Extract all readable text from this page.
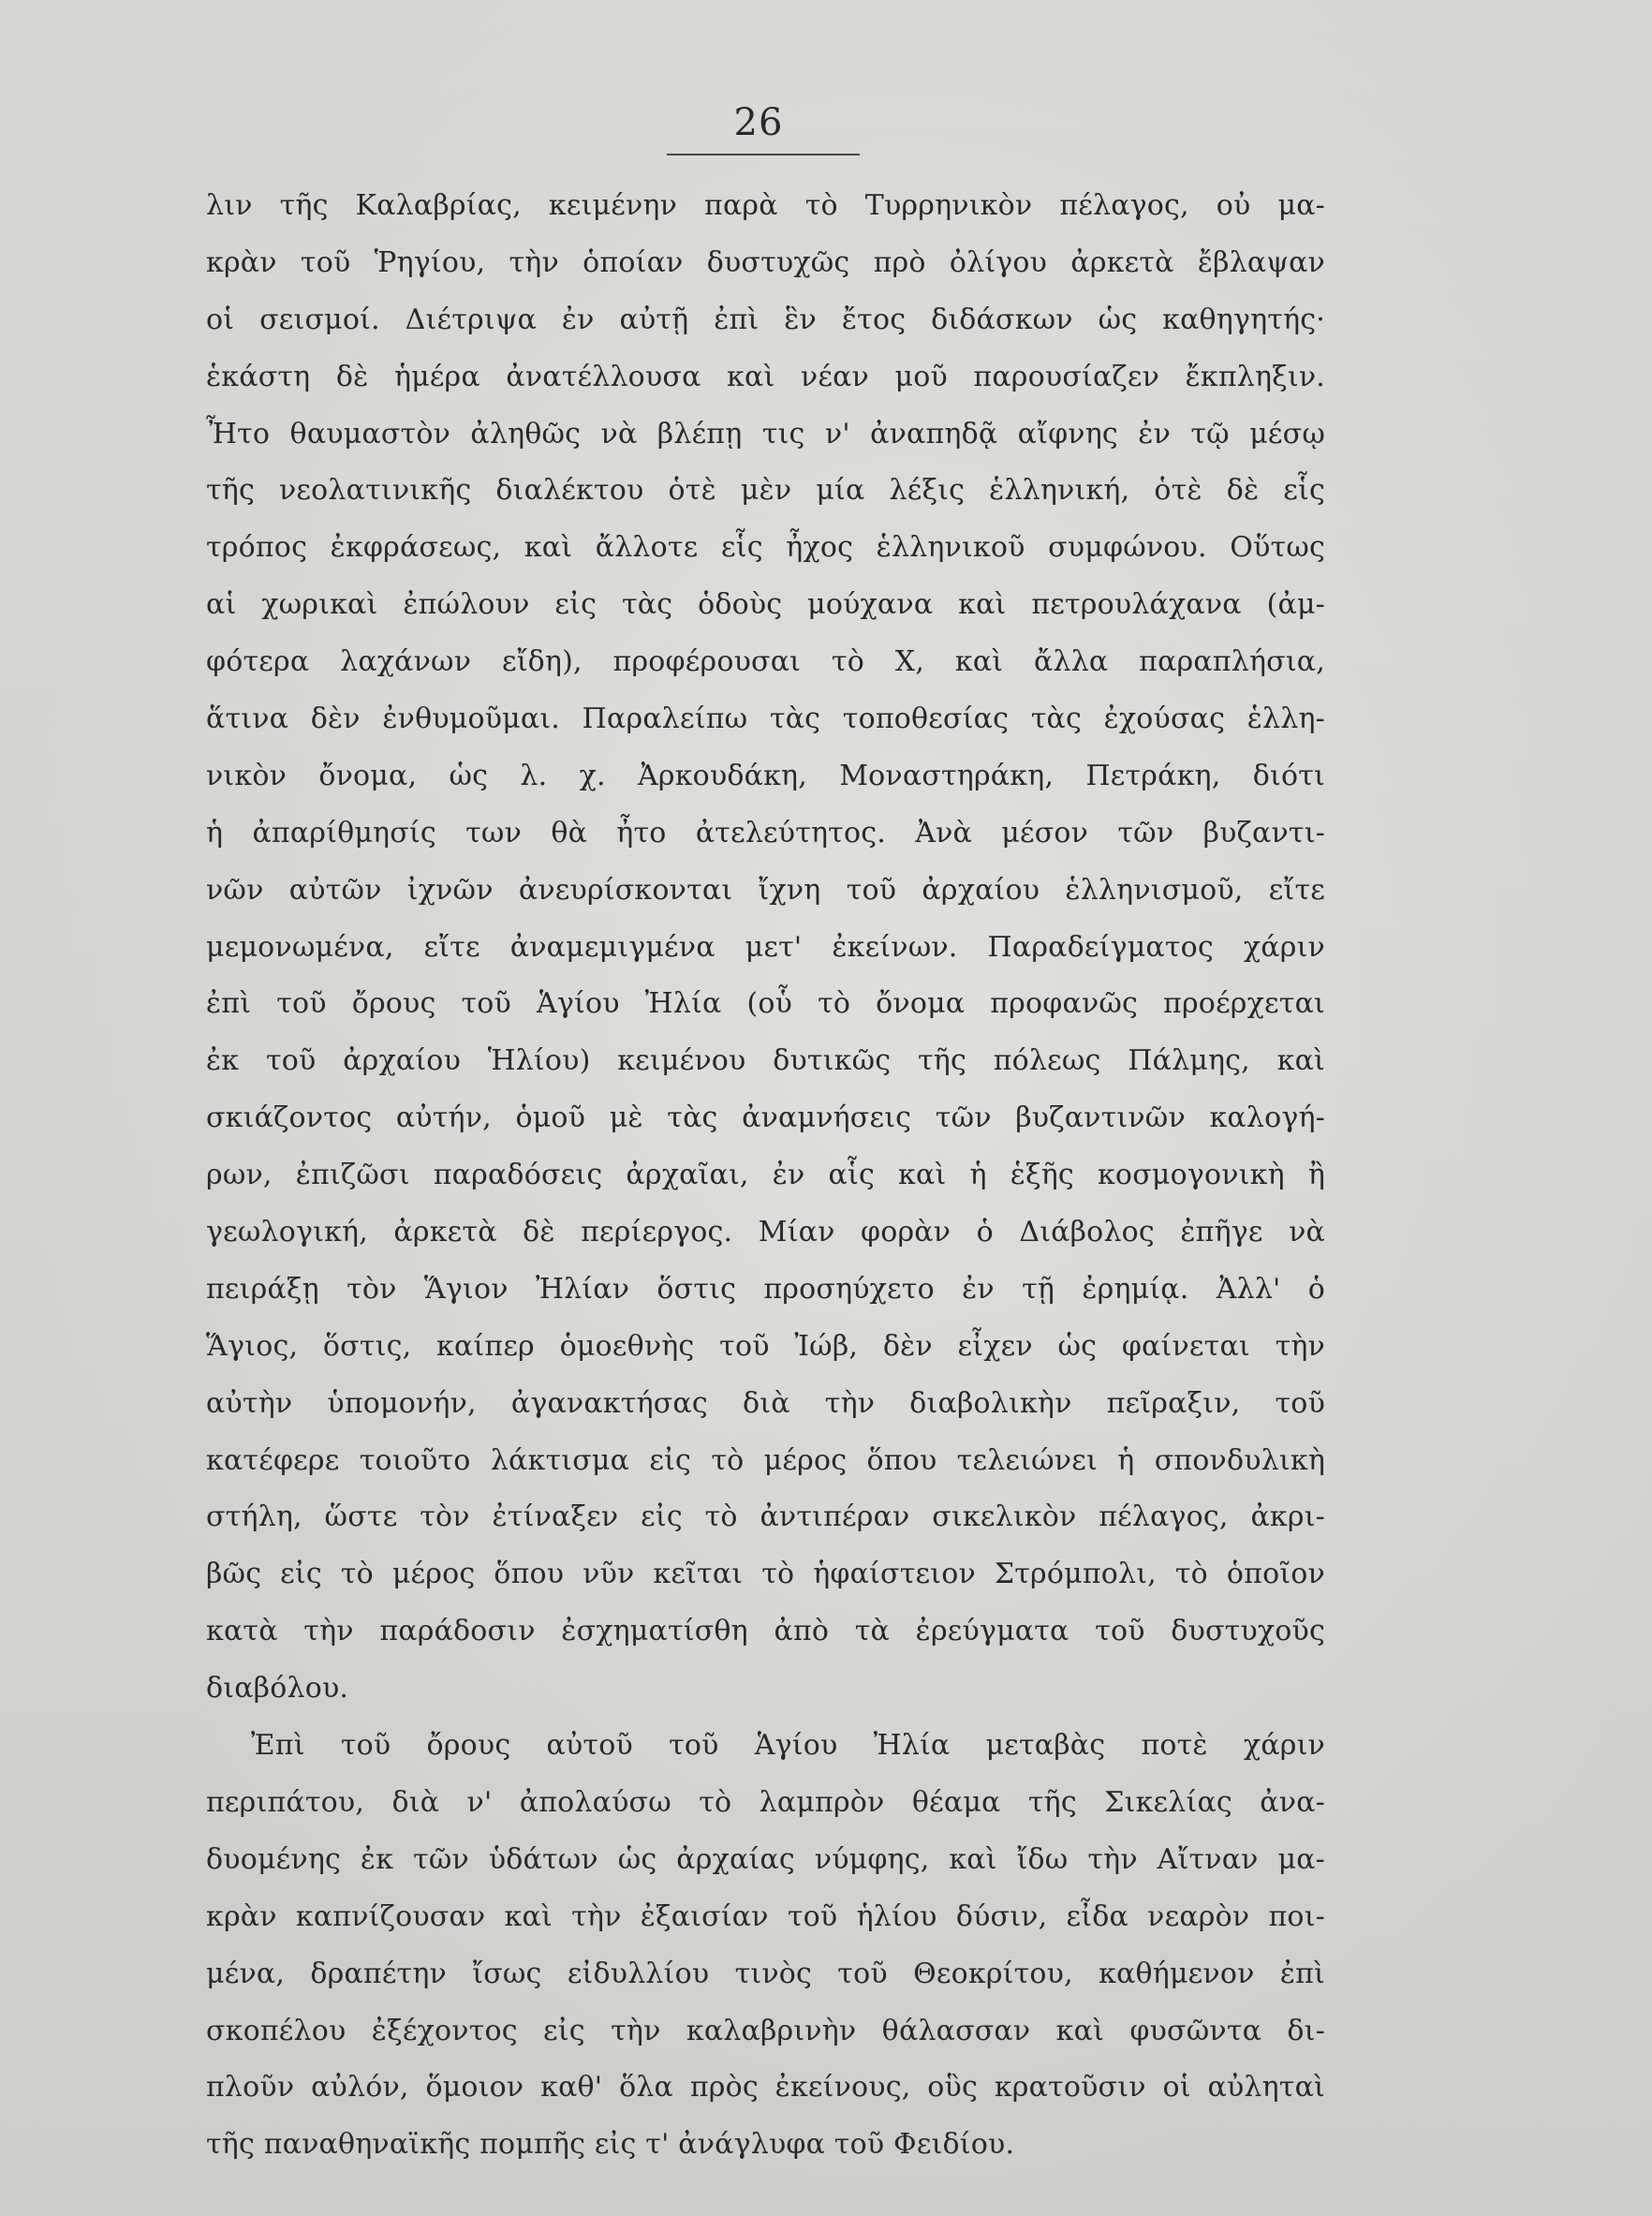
26
λιν τῆς Καλαβρίας, κειμένην παρὰ τὸ Τυρρηνικὸν πέλαγος, οὐ μα-
κρὰν τοῦ Ῥηγίου, τὴν ὁποίαν δυστυχῶς πρὸ ὀλίγου ἀρκετὰ ἔβλαψαν
οἱ σεισμοί. Διέτριψα ἐν αὐτῇ ἐπὶ ἓν ἔτος διδάσκων ὡς καθηγητής·
ἑκάστη δὲ ἡμέρα ἀνατέλλουσα καὶ νέαν μοῦ παρουσίαζεν ἔκπληξιν.
Ἦτο θαυμαστὸν ἀληθῶς νὰ βλέπῃ τις ν' ἀναπηδᾷ αἴφνης ἐν τῷ μέσῳ
τῆς νεολατινικῆς διαλέκτου ὁτὲ μὲν μία λέξις ἑλληνική, ὁτὲ δὲ εἷς
τρόπος ἐκφράσεως, καὶ ἄλλοτε εἷς ἦχος ἑλληνικοῦ συμφώνου. Οὕτως
αἱ χωρικαὶ ἐπώλουν εἰς τὰς ὁδοὺς μούχανα καὶ πετρουλάχανα (ἀμ-
φότερα λαχάνων εἴδη), προφέρουσαι τὸ Χ, καὶ ἄλλα παραπλήσια,
ἅτινα δὲν ἐνθυμοῦμαι. Παραλείπω τὰς τοποθεσίας τὰς ἐχούσας ἑλλη-
νικὸν ὄνομα, ὡς λ. χ. Ἀρκουδάκη, Μοναστηράκη, Πετράκη, διότι
ἡ ἀπαρίθμησίς των θὰ ἦτο ἀτελεύτητος. Ἀνὰ μέσον τῶν βυζαντι-
νῶν αὐτῶν ἰχνῶν ἀνευρίσκονται ἴχνη τοῦ ἀρχαίου ἑλληνισμοῦ, εἴτε
μεμονωμένα, εἴτε ἀναμεμιγμένα μετ' ἐκείνων. Παραδείγματος χάριν
ἐπὶ τοῦ ὄρους τοῦ Ἁγίου Ἠλία (οὗ τὸ ὄνομα προφανῶς προέρχεται
ἐκ τοῦ ἀρχαίου Ἡλίου) κειμένου δυτικῶς τῆς πόλεως Πάλμης, καὶ
σκιάζοντος αὐτήν, ὁμοῦ μὲ τὰς ἀναμνήσεις τῶν βυζαντινῶν καλογή-
ρων, ἐπιζῶσι παραδόσεις ἀρχαῖαι, ἐν αἷς καὶ ἡ ἑξῆς κοσμογονικὴ ἢ
γεωλογική, ἀρκετὰ δὲ περίεργος. Μίαν φορὰν ὁ Διάβολος ἐπῆγε νὰ
πειράξῃ τὸν Ἅγιον Ἠλίαν ὅστις προσηύχετο ἐν τῇ ἐρημίᾳ. Ἀλλ' ὁ
Ἅγιος, ὅστις, καίπερ ὁμοεθνὴς τοῦ Ἰώβ, δὲν εἶχεν ὡς φαίνεται τὴν
αὐτὴν ὑπομονήν, ἀγανακτήσας διὰ τὴν διαβολικὴν πεῖραξιν, τοῦ
κατέφερε τοιοῦτο λάκτισμα εἰς τὸ μέρος ὅπου τελειώνει ἡ σπονδυλικὴ
στήλη, ὥστε τὸν ἐτίναξεν εἰς τὸ ἀντιπέραν σικελικὸν πέλαγος, ἀκρι-
βῶς εἰς τὸ μέρος ὅπου νῦν κεῖται τὸ ἡφαίστειον Στρόμπολι, τὸ ὁποῖον
κατὰ τὴν παράδοσιν ἐσχηματίσθη ἀπὸ τὰ ἐρεύγματα τοῦ δυστυχοῦς
διαβόλου.
Ἐπὶ τοῦ ὄρους αὐτοῦ τοῦ Ἁγίου Ἠλία μεταβὰς ποτὲ χάριν
περιπάτου, διὰ ν' ἀπολαύσω τὸ λαμπρὸν θέαμα τῆς Σικελίας ἀνα-
δυομένης ἐκ τῶν ὑδάτων ὡς ἀρχαίας νύμφης, καὶ ἴδω τὴν Αἴτναν μα-
κρὰν καπνίζουσαν καὶ τὴν ἐξαισίαν τοῦ ἡλίου δύσιν, εἶδα νεαρὸν ποι-
μένα, δραπέτην ἴσως εἰδυλλίου τινὸς τοῦ Θεοκρίτου, καθήμενον ἐπὶ
σκοπέλου ἐξέχοντος εἰς τὴν καλαβρινὴν θάλασσαν καὶ φυσῶντα δι-
πλοῦν αὐλόν, ὅμοιον καθ' ὅλα πρὸς ἐκείνους, οὓς κρατοῦσιν οἱ αὐληταὶ
τῆς παναθηναϊκῆς πομπῆς εἰς τ' ἀνάγλυφα τοῦ Φειδίου.
